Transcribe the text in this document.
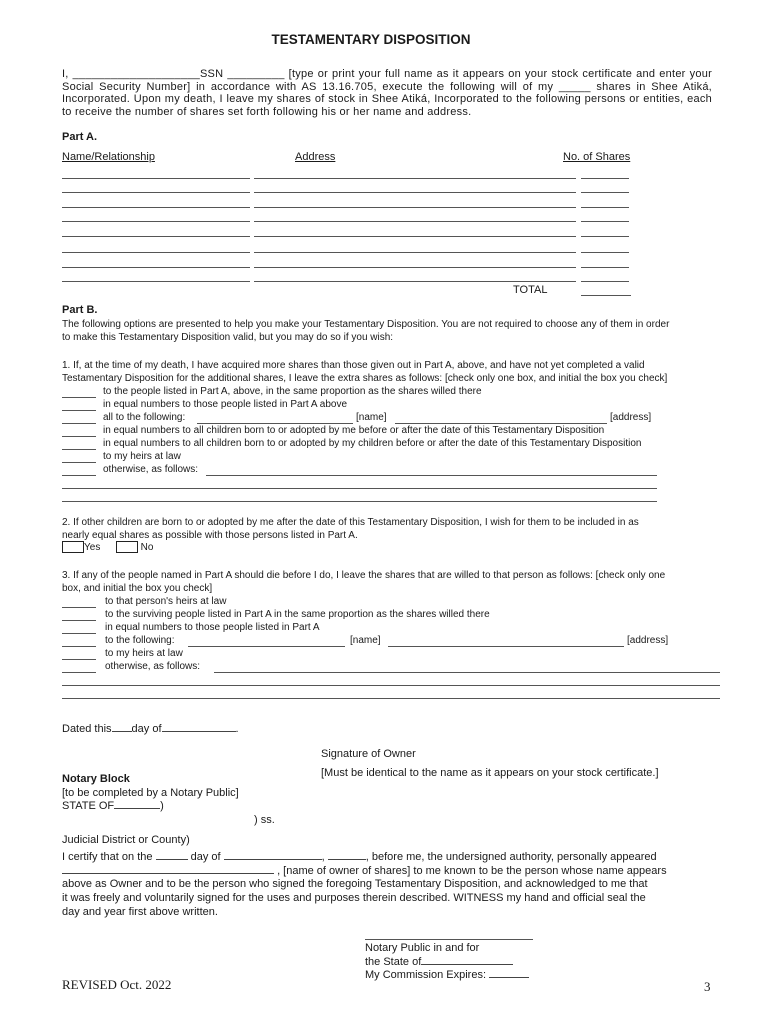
TESTAMENTARY DISPOSITION
I, ____________________SSN _________ [type or print your full name as it appears on your stock certificate and enter your Social Security Number] in accordance with AS 13.16.705, execute the following will of my _____ shares in Shee Atiká, Incorporated. Upon my death, I leave my shares of stock in Shee Atiká, Incorporated to the following persons or entities, each to receive the number of shares set forth following his or her name and address.
Part A.
Name/Relationship	Address	No. of Shares
TOTAL
Part B.
The following options are presented to help you make your Testamentary Disposition. You are not required to choose any of them in order
to make this Testamentary Disposition valid, but you may do so if you wish:
1. If, at the time of my death, I have acquired more shares than those given out in Part A, above, and have not yet completed a valid
Testamentary Disposition for the additional shares, I leave the extra shares as follows: [check only one box, and initial the box you check]
to the people listed in Part A, above, in the same proportion as the shares willed there
in equal numbers to those people listed in Part A above
all to the following:	[name]	[address]
in equal numbers to all children born to or adopted by me before or after the date of this Testamentary Disposition
in equal numbers to all children born to or adopted by my children before or after the date of this Testamentary Disposition
to my heirs at law
otherwise, as follows:
2. If other children are born to or adopted by me after the date of this Testamentary Disposition, I wish for them to be included in as
nearly equal shares as possible with those persons listed in Part A.
Yes	No
3. If any of the people named in Part A should die before I do, I leave the shares that are willed to that person as follows: [check only one
box, and initial the box you check]
to that person's heirs at law
to the surviving people listed in Part A in the same proportion as the shares willed there
in equal numbers to those people listed in Part A
to the following:	[name]	[address]
to my heirs at law
otherwise, as follows:
Dated this day of	.
Signature of Owner
[Must be identical to the name as it appears on your stock certificate.]
Notary Block
[to be completed by a Notary Public]
STATE OF	)
) ss.
Judicial District or County)
I certify that on the	day of	,	, before me, the undersigned authority, personally appeared
, [name of owner of shares] to me known to be the person whose name appears
above as Owner and to be the person who signed the foregoing Testamentary Disposition, and acknowledged to me that
it was freely and voluntarily signed for the uses and purposes therein described. WITNESS my hand and official seal the
day and year first above written.
Notary Public in and for
the State of
My Commission Expires:
REVISED Oct. 2022	3
